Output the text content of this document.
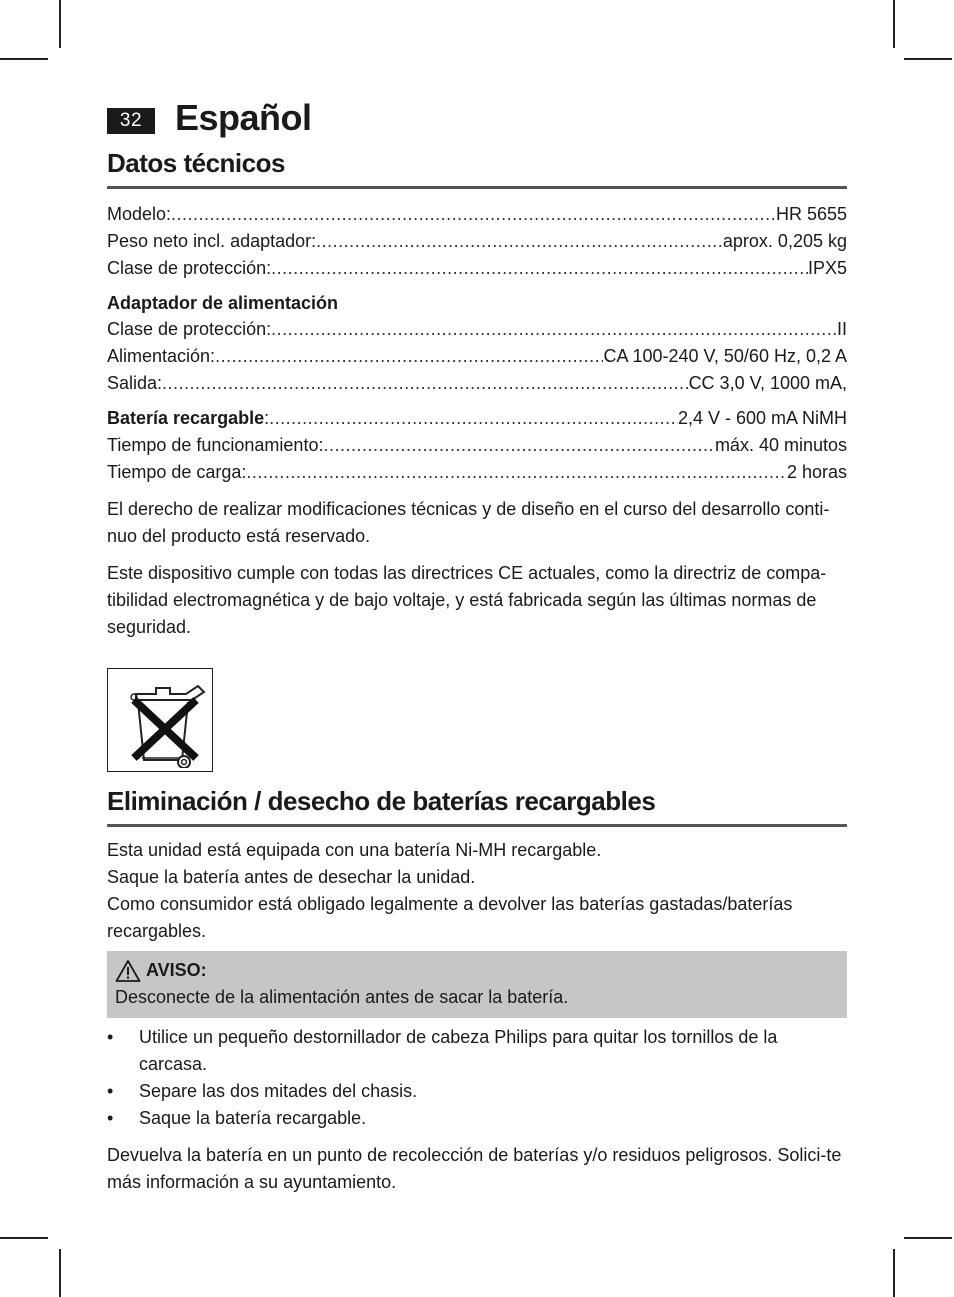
32 Español
Datos técnicos
Modelo: .....	HR 5655
Peso neto incl. adaptador: .....	aprox. 0,205 kg
Clase de protección: .....	IPX5
Adaptador de alimentación
Clase de protección: .....	II
Alimentación: .....	CA 100-240 V, 50/60 Hz, 0,2 A
Salida: .....	CC 3,0 V, 1000 mA,
Batería recargable: .....	2,4 V - 600 mA NiMH
Tiempo de funcionamiento: .....	máx. 40 minutos
Tiempo de carga: .....	2 horas

El derecho de realizar modificaciones técnicas y de diseño en el curso del desarrollo conti-nuo del producto está reservado.

Este dispositivo cumple con todas las directrices CE actuales, como la directriz de compa-tibilidad electromagnética y de bajo voltaje, y está fabricada según las últimas normas de seguridad.

Eliminación / desecho de baterías recargables
Esta unidad está equipada con una batería Ni-MH recargable.
Saque la batería antes de desechar la unidad.
Como consumidor está obligado legalmente a devolver las baterías gastadas/baterías recargables.
AVISO:
Desconecte de la alimentación antes de sacar la batería.
• Utilice un pequeño destornillador de cabeza Philips para quitar los tornillos de la carcasa.
• Separe las dos mitades del chasis.
• Saque la batería recargable.

Devuelva la batería en un punto de recolección de baterías y/o residuos peligrosos. Solici-te más información a su ayuntamiento.
